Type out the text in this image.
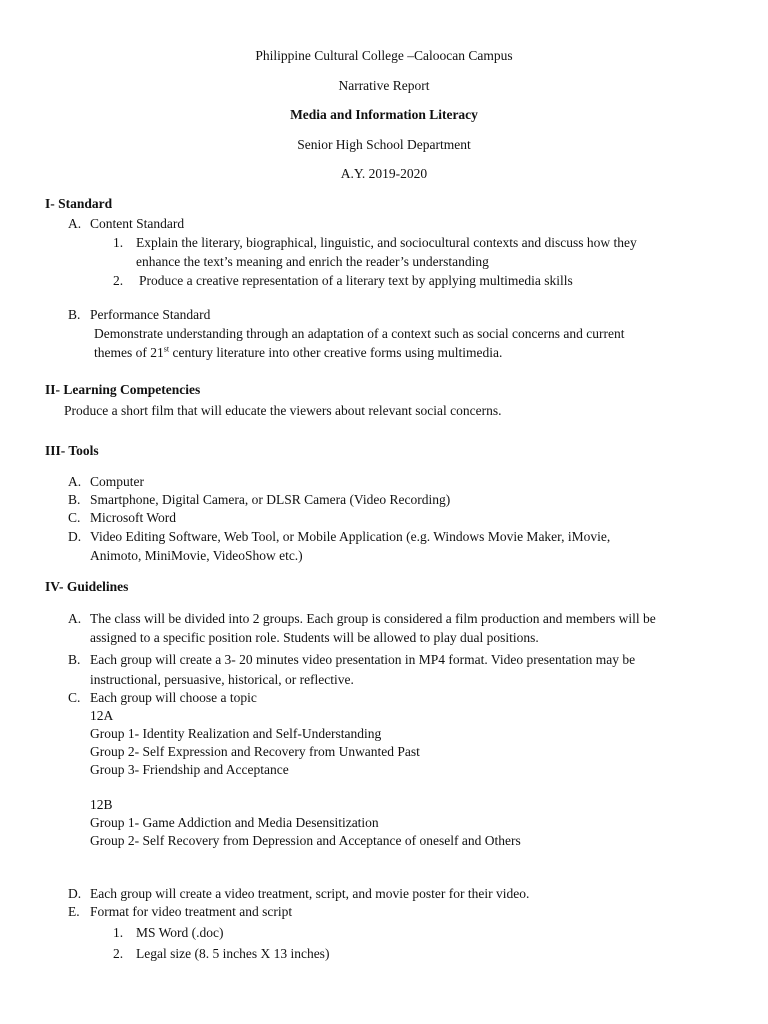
Philippine Cultural College –Caloocan Campus
Narrative Report
Media and Information Literacy
Senior High School Department
A.Y. 2019-2020
I- Standard
A. Content Standard
1. Explain the literary, biographical, linguistic, and sociocultural contexts and discuss how they
enhance the text’s meaning and enrich the reader’s understanding
2. Produce a creative representation of a literary text by applying multimedia skills
B. Performance Standard
Demonstrate understanding through an adaptation of a context such as social concerns and current
themes of 21st century literature into other creative forms using multimedia.
II- Learning Competencies
Produce a short film that will educate the viewers about relevant social concerns.
III- Tools
A. Computer
B. Smartphone, Digital Camera, or DLSR Camera (Video Recording)
C. Microsoft Word
D. Video Editing Software, Web Tool, or Mobile Application (e.g. Windows Movie Maker, iMovie,
Animoto, MiniMovie, VideoShow etc.)
IV- Guidelines
A. The class will be divided into 2 groups. Each group is considered a film production and members will be
assigned to a specific position role. Students will be allowed to play dual positions.
B. Each group will create a 3- 20 minutes video presentation in MP4 format. Video presentation may be
instructional, persuasive, historical, or reflective.
C. Each group will choose a topic
12A
Group 1- Identity Realization and Self-Understanding
Group 2- Self Expression and Recovery from Unwanted Past
Group 3- Friendship and Acceptance
12B
Group 1- Game Addiction and Media Desensitization
Group 2- Self Recovery from Depression and Acceptance of oneself and Others
D. Each group will create a video treatment, script, and movie poster for their video.
E. Format for video treatment and script
1. MS Word (.doc)
2. Legal size (8. 5 inches X 13 inches)
